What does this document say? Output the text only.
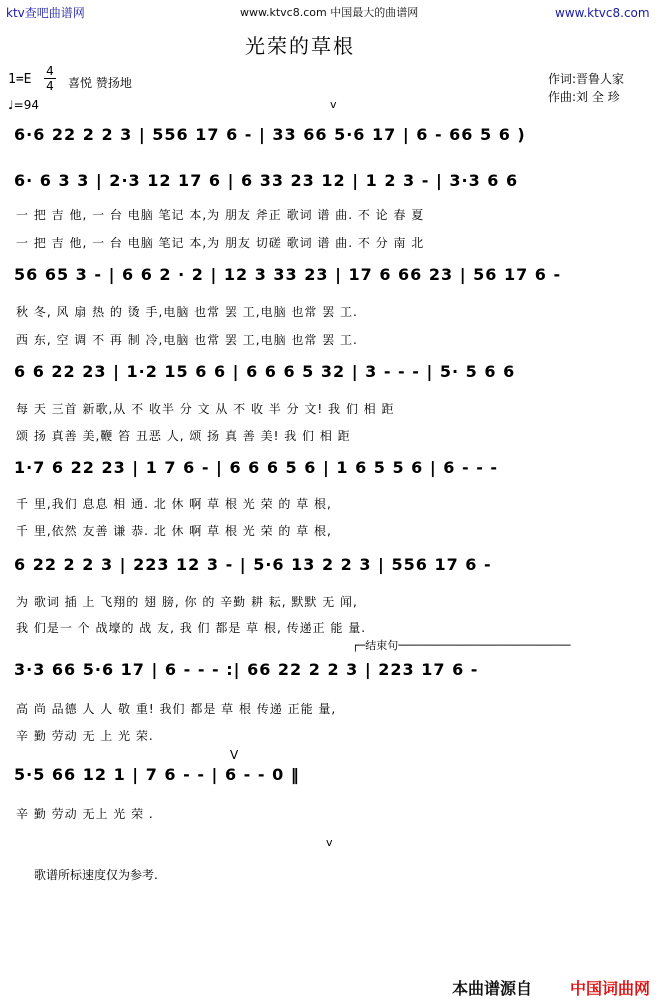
ktv查吧曲谱网	www.ktvc8.com 中国最大的曲谱网	www.ktvc8.com
光荣的草根
$1=E \frac{4}{4}$ 喜悦 赞扬地
♩=94
作词:晋鲁人家
作曲:刘 全 珍
v
6·6 22 2 2 3 | 556 17 6 - | 33 66 5·6 17 | 6 - 66 5 6 )
6· 6 3 3 | 2·3 12 17 6 | 6 33 23 12 | 1 2 3 - | 3·3 6 6
一 把 吉 他, 一 台 电脑 笔记 本,为 朋友 斧正 歌词 谱 曲. 不 论 春 夏
一 把 吉 他, 一 台 电脑 笔记 本,为 朋友 切磋 歌词 谱 曲. 不 分 南 北
56 65 3 - | 6 6 2 · 2 | 12 3 33 23 | 17 6 66 23 | 56 17 6 -
秋 冬, 风 扇 热 的 烫 手,电脑 也常 罢 工,电脑 也常 罢 工.
西 东, 空 调 不 再 制 冷,电脑 也常 罢 工,电脑 也常 罢 工.
6 6 22 23 | 1·2 15 6 6 | 6 6 6 5 32 | 3 - - - | 5· 5 6 6
每 天 三首 新歌,从 不 收半 分 文 从 不 收 半 分 文! 我 们 相 距
颂 扬 真善 美,鞭 笞 丑恶 人, 颂 扬 真 善 美! 我 们 相 距
1·7 6 22 23 | 1 7 6 - | 6 6 6 5 6 | 1 6 5 5 6 | 6 - - -
千 里,我们 息息 相 通. 北 休 啊 草 根 光 荣 的 草 根,
千 里,依然 友善 谦 恭. 北 休 啊 草 根 光 荣 的 草 根,
6 22 2 2 3 | 223 12 3 - | 5·6 13 2 2 3 | 556 17 6 -
为 歌词 插 上 飞翔的 翅 膀, 你 的 辛勤 耕 耘, 默默 无 闻,
我 们是一 个 战壕的 战 友, 我 们 都是 草 根, 传递正 能 量.
┌─结束句──────────────────────────
3·3 66 5·6 17 | 6 - - - :| 66 22 2 2 3 | 223 17 6 -
高 尚 品德 人 人 敬 重! 我们 都是 草 根 传递 正能 量,
辛 勤 劳动 无 上 光 荣.
V
5·5 66 12 1 | 7 6 - - | 6 - - 0 ‖
辛 勤 劳动 无上 光 荣 .
v
歌谱所标速度仅为参考.
本曲谱源自 中国词曲网
